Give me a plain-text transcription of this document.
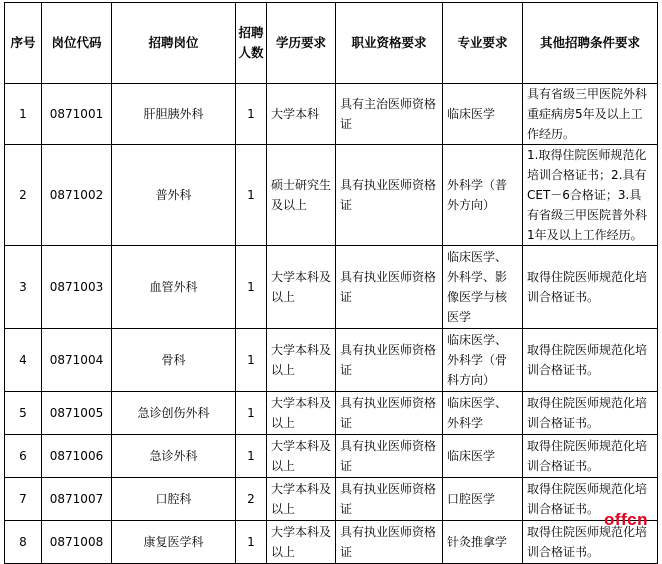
序号	岗位代码	招聘岗位	招聘人数	学历要求	职业资格要求	专业要求	其他招聘条件要求
1	0871001	肝胆胰外科	1	大学本科	具有主治医师资格证	临床医学	具有省级三甲医院外科重症病房5年及以上工作经历。
2	0871002	普外科	1	硕士研究生及以上	具有执业医师资格证	外科学（普外方向）	1.取得住院医师规范化培训合格证书；2.具有CET－6合格证；3.具有省级三甲医院普外科1年及以上工作经历。
3	0871003	血管外科	1	大学本科及以上	具有执业医师资格证	临床医学、外科学、影像医学与核医学	取得住院医师规范化培训合格证书。
4	0871004	骨科	1	大学本科及以上	具有执业医师资格证	临床医学、外科学（骨科方向）	取得住院医师规范化培训合格证书。
5	0871005	急诊创伤外科	1	大学本科及以上	具有执业医师资格证	临床医学、外科学	取得住院医师规范化培训合格证书。
6	0871006	急诊外科	1	大学本科及以上	具有执业医师资格证	临床医学	取得住院医师规范化培训合格证书。
7	0871007	口腔科	2	大学本科及以上	具有执业医师资格证	口腔医学	取得住院医师规范化培训合格证书。
8	0871008	康复医学科	1	大学本科及以上	具有执业医师资格证	针灸推拿学	取得住院医师规范化培训合格证书。
offcn
